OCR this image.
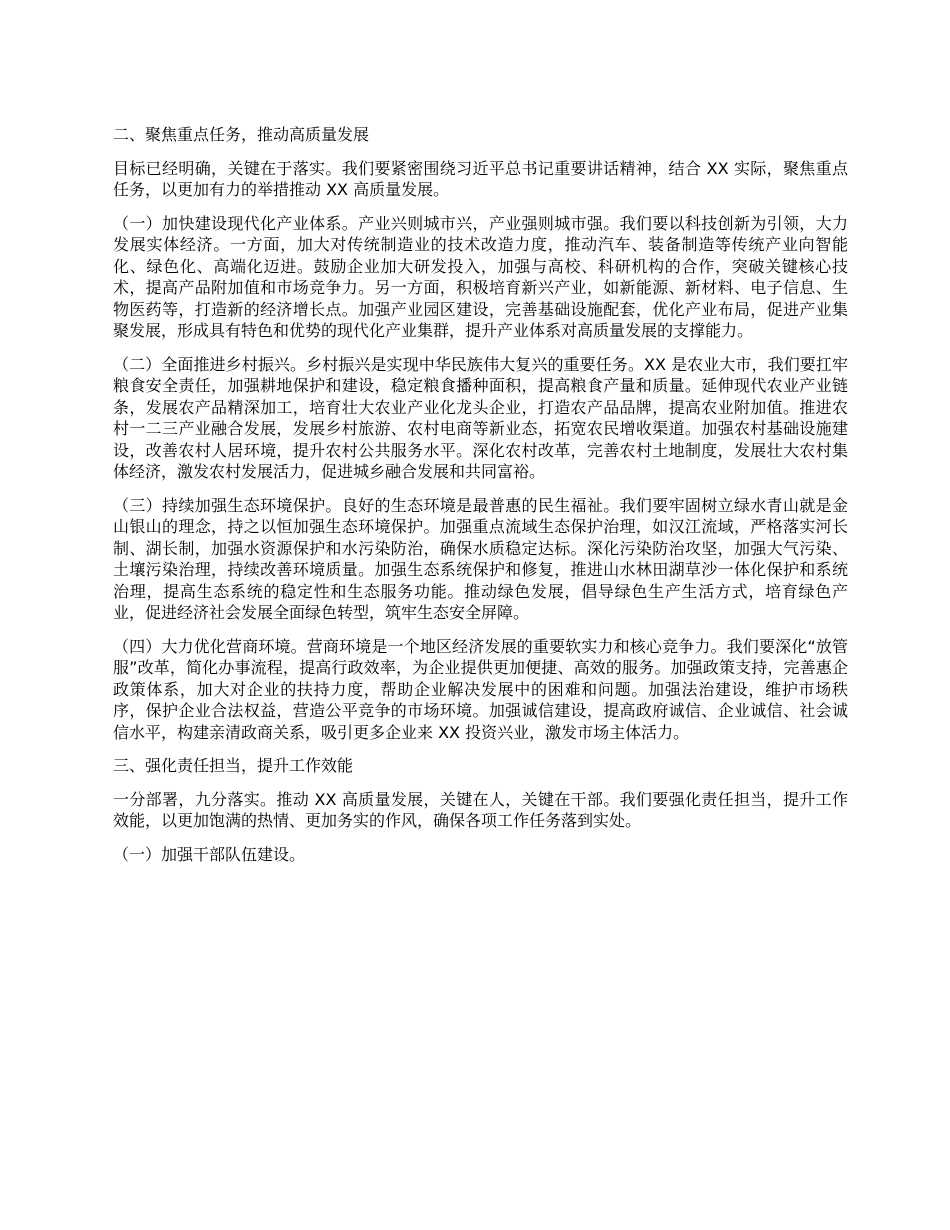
二、聚焦重点任务，推动高质量发展

目标已经明确，关键在于落实。我们要紧密围绕习近平总书记重要讲话精神，结合 XX 实际，聚焦重点任务，以更加有力的举措推动 XX 高质量发展。

（一）加快建设现代化产业体系。产业兴则城市兴，产业强则城市强。我们要以科技创新为引领，大力发展实体经济。一方面，加大对传统制造业的技术改造力度，推动汽车、装备制造等传统产业向智能化、绿色化、高端化迈进。鼓励企业加大研发投入，加强与高校、科研机构的合作，突破关键核心技术，提高产品附加值和市场竞争力。另一方面，积极培育新兴产业，如新能源、新材料、电子信息、生物医药等，打造新的经济增长点。加强产业园区建设，完善基础设施配套，优化产业布局，促进产业集聚发展，形成具有特色和优势的现代化产业集群，提升产业体系对高质量发展的支撑能力。

（二）全面推进乡村振兴。乡村振兴是实现中华民族伟大复兴的重要任务。XX 是农业大市，我们要扛牢粮食安全责任，加强耕地保护和建设，稳定粮食播种面积，提高粮食产量和质量。延伸现代农业产业链条，发展农产品精深加工，培育壮大农业产业化龙头企业，打造农产品品牌，提高农业附加值。推进农村一二三产业融合发展，发展乡村旅游、农村电商等新业态，拓宽农民增收渠道。加强农村基础设施建设，改善农村人居环境，提升农村公共服务水平。深化农村改革，完善农村土地制度，发展壮大农村集体经济，激发农村发展活力，促进城乡融合发展和共同富裕。

（三）持续加强生态环境保护。良好的生态环境是最普惠的民生福祉。我们要牢固树立绿水青山就是金山银山的理念，持之以恒加强生态环境保护。加强重点流域生态保护治理，如汉江流域，严格落实河长制、湖长制，加强水资源保护和水污染防治，确保水质稳定达标。深化污染防治攻坚，加强大气污染、土壤污染治理，持续改善环境质量。加强生态系统保护和修复，推进山水林田湖草沙一体化保护和系统治理，提高生态系统的稳定性和生态服务功能。推动绿色发展，倡导绿色生产生活方式，培育绿色产业，促进经济社会发展全面绿色转型，筑牢生态安全屏障。

（四）大力优化营商环境。营商环境是一个地区经济发展的重要软实力和核心竞争力。我们要深化“放管服”改革，简化办事流程，提高行政效率，为企业提供更加便捷、高效的服务。加强政策支持，完善惠企政策体系，加大对企业的扶持力度，帮助企业解决发展中的困难和问题。加强法治建设，维护市场秩序，保护企业合法权益，营造公平竞争的市场环境。加强诚信建设，提高政府诚信、企业诚信、社会诚信水平，构建亲清政商关系，吸引更多企业来 XX 投资兴业，激发市场主体活力。

三、强化责任担当，提升工作效能

一分部署，九分落实。推动 XX 高质量发展，关键在人，关键在干部。我们要强化责任担当，提升工作效能，以更加饱满的热情、更加务实的作风，确保各项工作任务落到实处。

（一）加强干部队伍建设。
